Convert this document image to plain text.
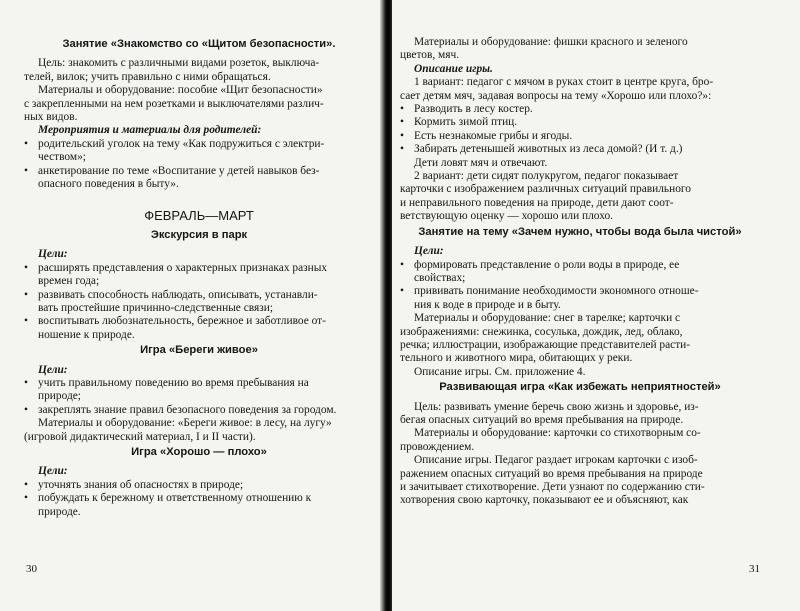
Занятие «Знакомство со «Щитом безопасности».
Цель: знакомить с различными видами розеток, выключа-
телей, вилок; учить правильно с ними обращаться.
Материалы и оборудование: пособие «Щит безопасности»
с закрепленными на нем розетками и выключателями различ-
ных видов.
Мероприятия и материалы для родителей:
• родительский уголок на тему «Как подружиться с электри-
чеством»;
• анкетирование по теме «Воспитание у детей навыков без-
опасного поведения в быту».
ФЕВРАЛЬ—МАРТ
Экскурсия в парк
Цели:
• расширять представления о характерных признаках разных
времен года;
• развивать способность наблюдать, описывать, устанавли-
вать простейшие причинно-следственные связи;
• воспитывать любознательность, бережное и заботливое от-
ношение к природе.
Игра «Береги живое»
Цели:
• учить правильному поведению во время пребывания на
природе;
• закреплять знание правил безопасного поведения за городом.
Материалы и оборудование: «Береги живое: в лесу, на лугу»
(игровой дидактический материал, I и II части).
Игра «Хорошо — плохо»
Цели:
• уточнять знания об опасностях в природе;
• побуждать к бережному и ответственному отношению к
природе.
30
Материалы и оборудование: фишки красного и зеленого
цветов, мяч.
Описание игры.
1 вариант: педагог с мячом в руках стоит в центре круга, бро-
сает детям мяч, задавая вопросы на тему «Хорошо или плохо?»:
• Разводить в лесу костер.
• Кормить зимой птиц.
• Есть незнакомые грибы и ягоды.
• Забирать детенышей животных из леса домой? (И т. д.)
Дети ловят мяч и отвечают.
2 вариант: дети сидят полукругом, педагог показывает
карточки с изображением различных ситуаций правильного
и неправильного поведения на природе, дети дают соот-
ветствующую оценку — хорошо или плохо.
Занятие на тему «Зачем нужно, чтобы вода была чистой»
Цели:
• формировать представление о роли воды в природе, ее
свойствах;
• прививать понимание необходимости экономного отноше-
ния к воде в природе и в быту.
Материалы и оборудование: снег в тарелке; карточки с
изображениями: снежинка, сосулька, дождик, лед, облако,
речка; иллюстрации, изображающие представителей расти-
тельного и животного мира, обитающих у реки.
Описание игры. См. приложение 4.
Развивающая игра «Как избежать неприятностей»
Цель: развивать умение беречь свою жизнь и здоровье, из-
бегая опасных ситуаций во время пребывания на природе.
Материалы и оборудование: карточки со стихотворным со-
провождением.
Описание игры. Педагог раздает игрокам карточки с изоб-
ражением опасных ситуаций во время пребывания на природе
и зачитывает стихотворение. Дети узнают по содержанию сти-
хотворения свою карточку, показывают ее и объясняют, как
31
